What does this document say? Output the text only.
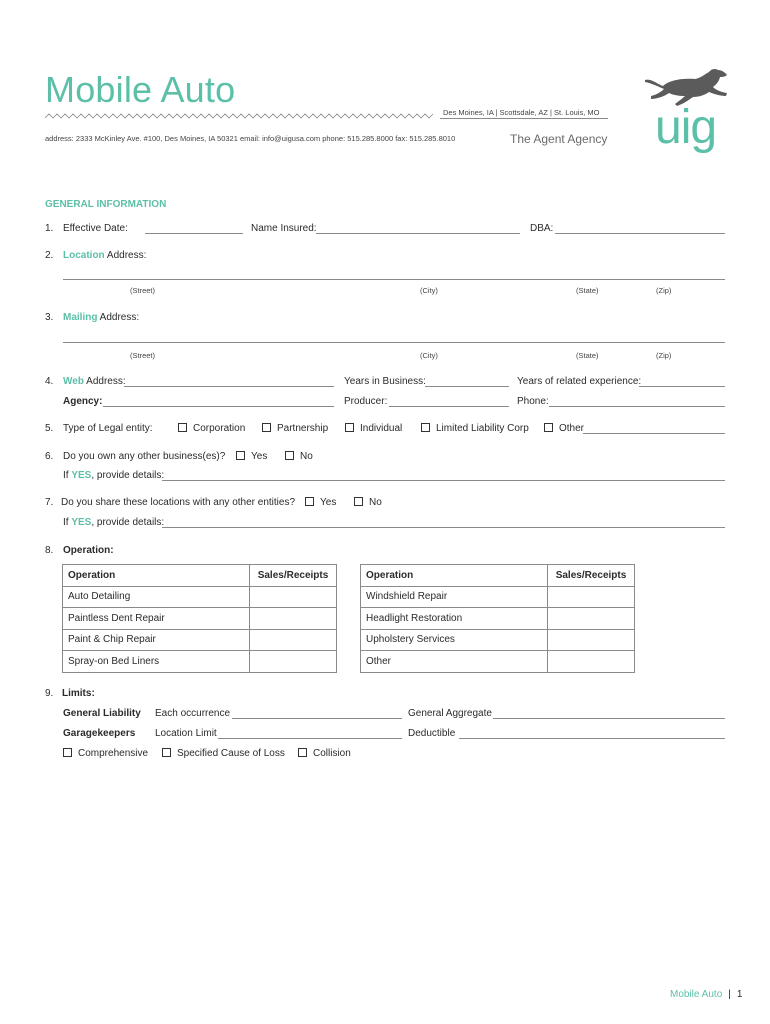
Mobile Auto
Des Moines, IA | Scottsdale, AZ | St. Louis, MO
address: 2333 McKinley Ave. #100, Des Moines, IA 50321 email: info@uigusa.com phone: 515.285.8000 fax: 515.285.8010	The Agent Agency uig
GENERAL INFORMATION
1. Effective Date:	Name Insured:	DBA:
2. Location Address:
(Street)	(City)	(State)	(Zip)
3. Mailing Address:
(Street)	(City)	(State)	(Zip)
4. Web Address:	Years in Business:	Years of related experience:
Agency:	Producer:	Phone:
5. Type of Legal entity:	Corporation	Partnership	Individual	Limited Liability Corp	Other
6. Do you own any other business(es)?	Yes	No
If YES, provide details:
7. Do you share these locations with any other entities?	Yes	No
If YES, provide details:
8. Operation:
Operation	Sales/Receipts
Auto Detailing	
Paintless Dent Repair	
Paint & Chip Repair	
Spray-on Bed Liners	
Operation	Sales/Receipts
Windshield Repair	
Headlight Restoration	
Upholstery Services	
Other	
9. Limits:
General Liability Each occurrence	General Aggregate
Garagekeepers Location Limit	Deductible
Comprehensive	Specified Cause of Loss	Collision
Mobile Auto | 1
